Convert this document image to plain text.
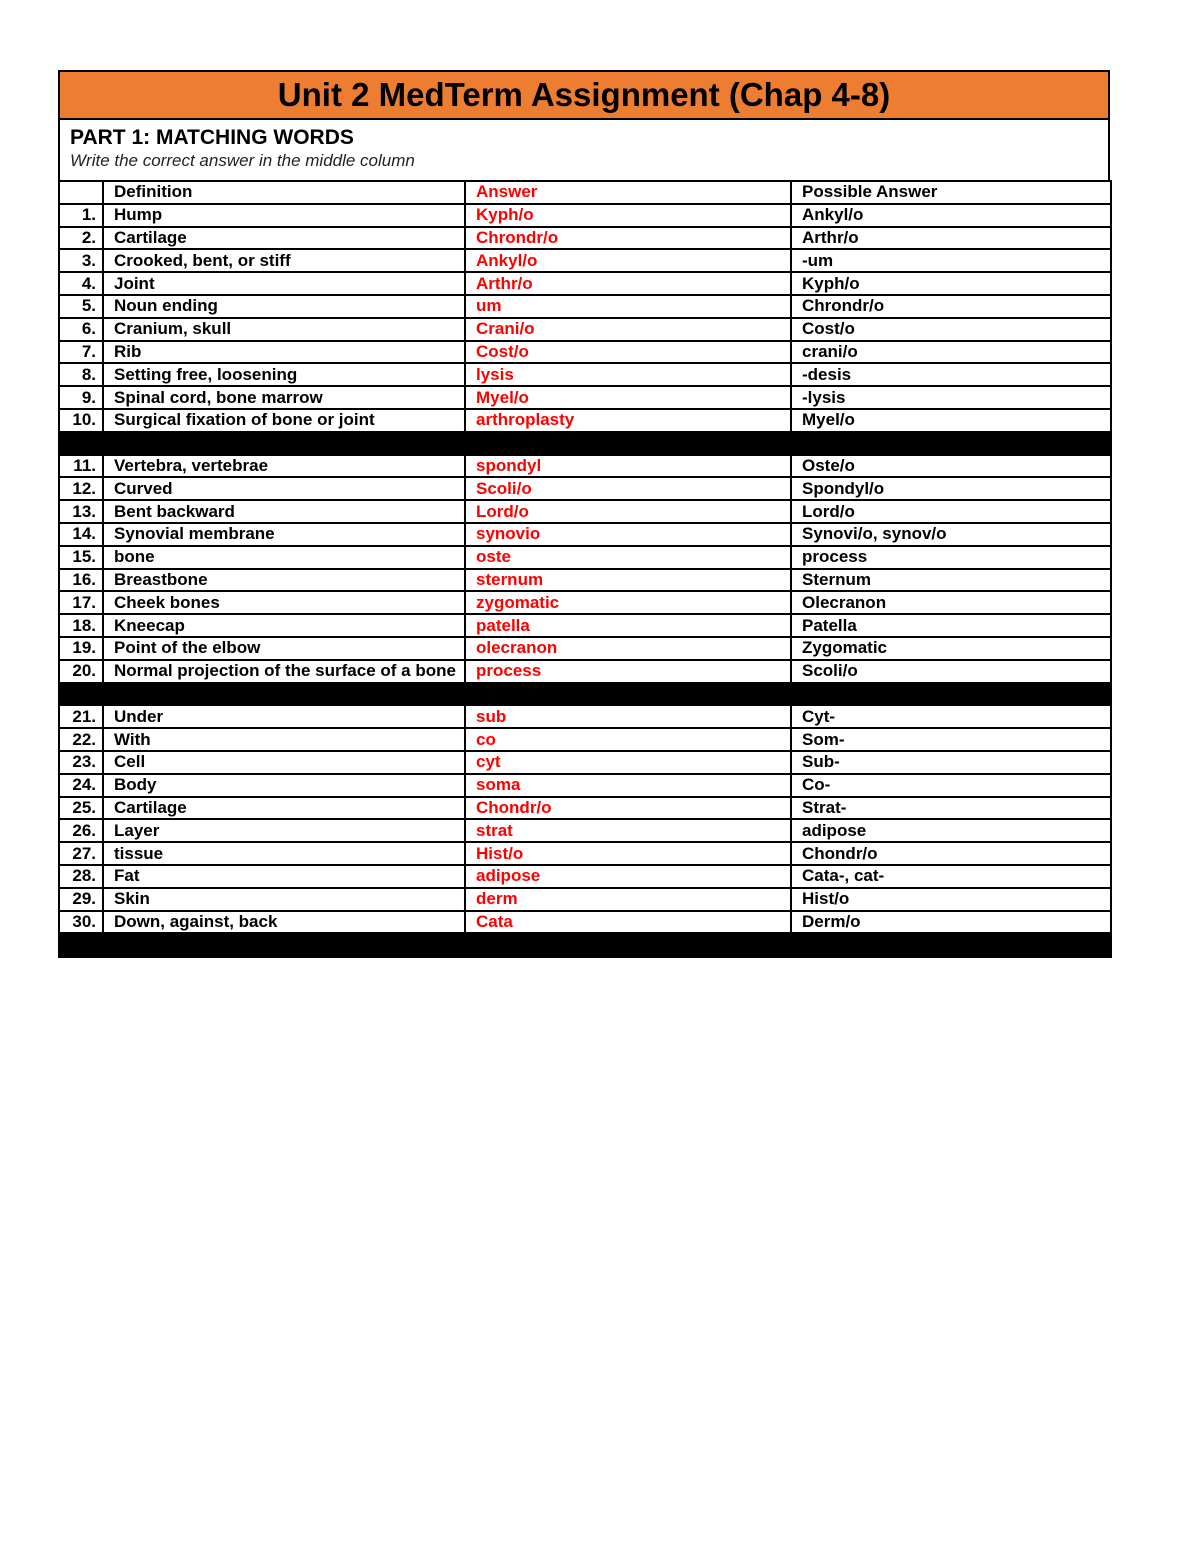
Unit 2 MedTerm Assignment (Chap 4-8)
PART 1: MATCHING WORDS
Write the correct answer in the middle column
	Definition	Answer	Possible Answer
1.	Hump	Kyph/o	Ankyl/o
2.	Cartilage	Chrondr/o	Arthr/o
3.	Crooked, bent, or stiff	Ankyl/o	-um
4.	Joint	Arthr/o	Kyph/o
5.	Noun ending	um	Chrondr/o
6.	Cranium, skull	Crani/o	Cost/o
7.	Rib	Cost/o	crani/o
8.	Setting free, loosening	lysis	-desis
9.	Spinal cord, bone marrow	Myel/o	-lysis
10.	Surgical fixation of bone or joint	arthroplasty	Myel/o

11.	Vertebra, vertebrae	spondyl	Oste/o
12.	Curved	Scoli/o	Spondyl/o
13.	Bent backward	Lord/o	Lord/o
14.	Synovial membrane	synovio	Synovi/o, synov/o
15.	bone	oste	process
16.	Breastbone	sternum	Sternum
17.	Cheek bones	zygomatic	Olecranon
18.	Kneecap	patella	Patella
19.	Point of the elbow	olecranon	Zygomatic
20.	Normal projection of the surface of a bone	process	Scoli/o

21.	Under	sub	Cyt-
22.	With	co	Som-
23.	Cell	cyt	Sub-
24.	Body	soma	Co-
25.	Cartilage	Chondr/o	Strat-
26.	Layer	strat	adipose
27.	tissue	Hist/o	Chondr/o
28.	Fat	adipose	Cata-, cat-
29.	Skin	derm	Hist/o
30.	Down, against, back	Cata	Derm/o
